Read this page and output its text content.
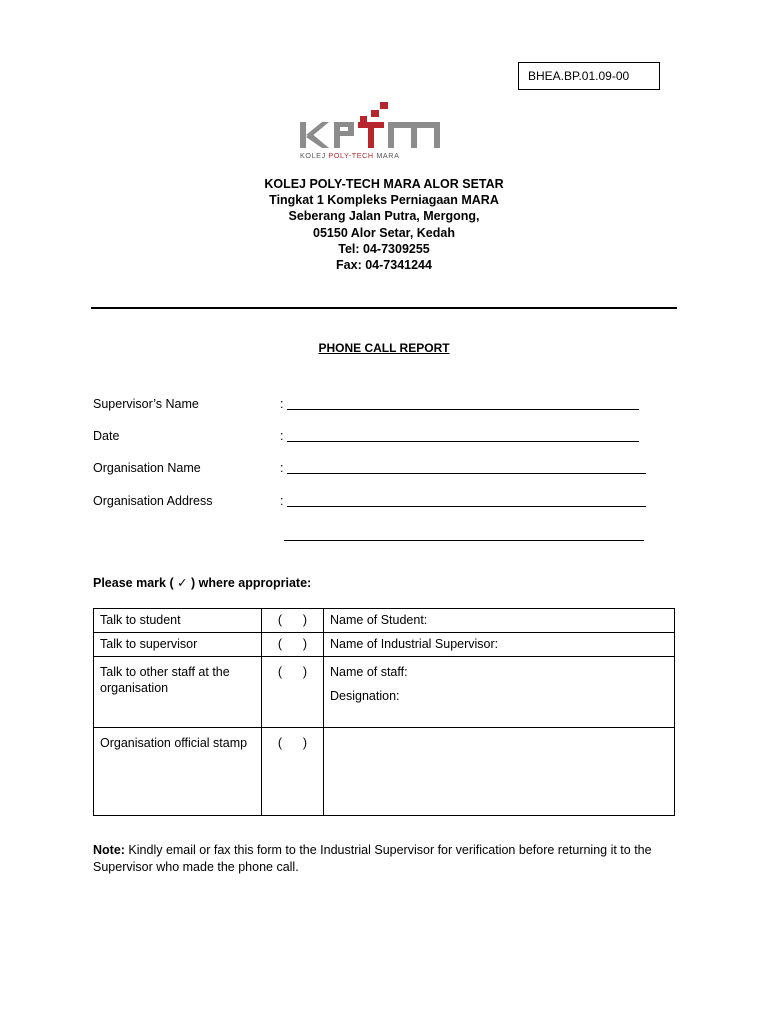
BHEA.BP.01.09-00
KOLEJ POLY-TECH MARA
KOLEJ POLY-TECH MARA ALOR SETAR
Tingkat 1 Kompleks Perniagaan MARA
Seberang Jalan Putra, Mergong,
05150 Alor Setar, Kedah
Tel: 04-7309255
Fax: 04-7341244
PHONE CALL REPORT
Supervisor’s Name	:
Date	:
Organisation Name	:
Organisation Address	:
Please mark ( ✓ ) where appropriate:
Talk to student	(      )	Name of Student:

Talk to supervisor	(      )	Name of Industrial Supervisor:

Talk to other staff at the organisation	(      )	Name of staff:
Designation:

Organisation official stamp	(      )	
Note: Kindly email or fax this form to the Industrial Supervisor for verification before returning it to the Supervisor who made the phone call.
